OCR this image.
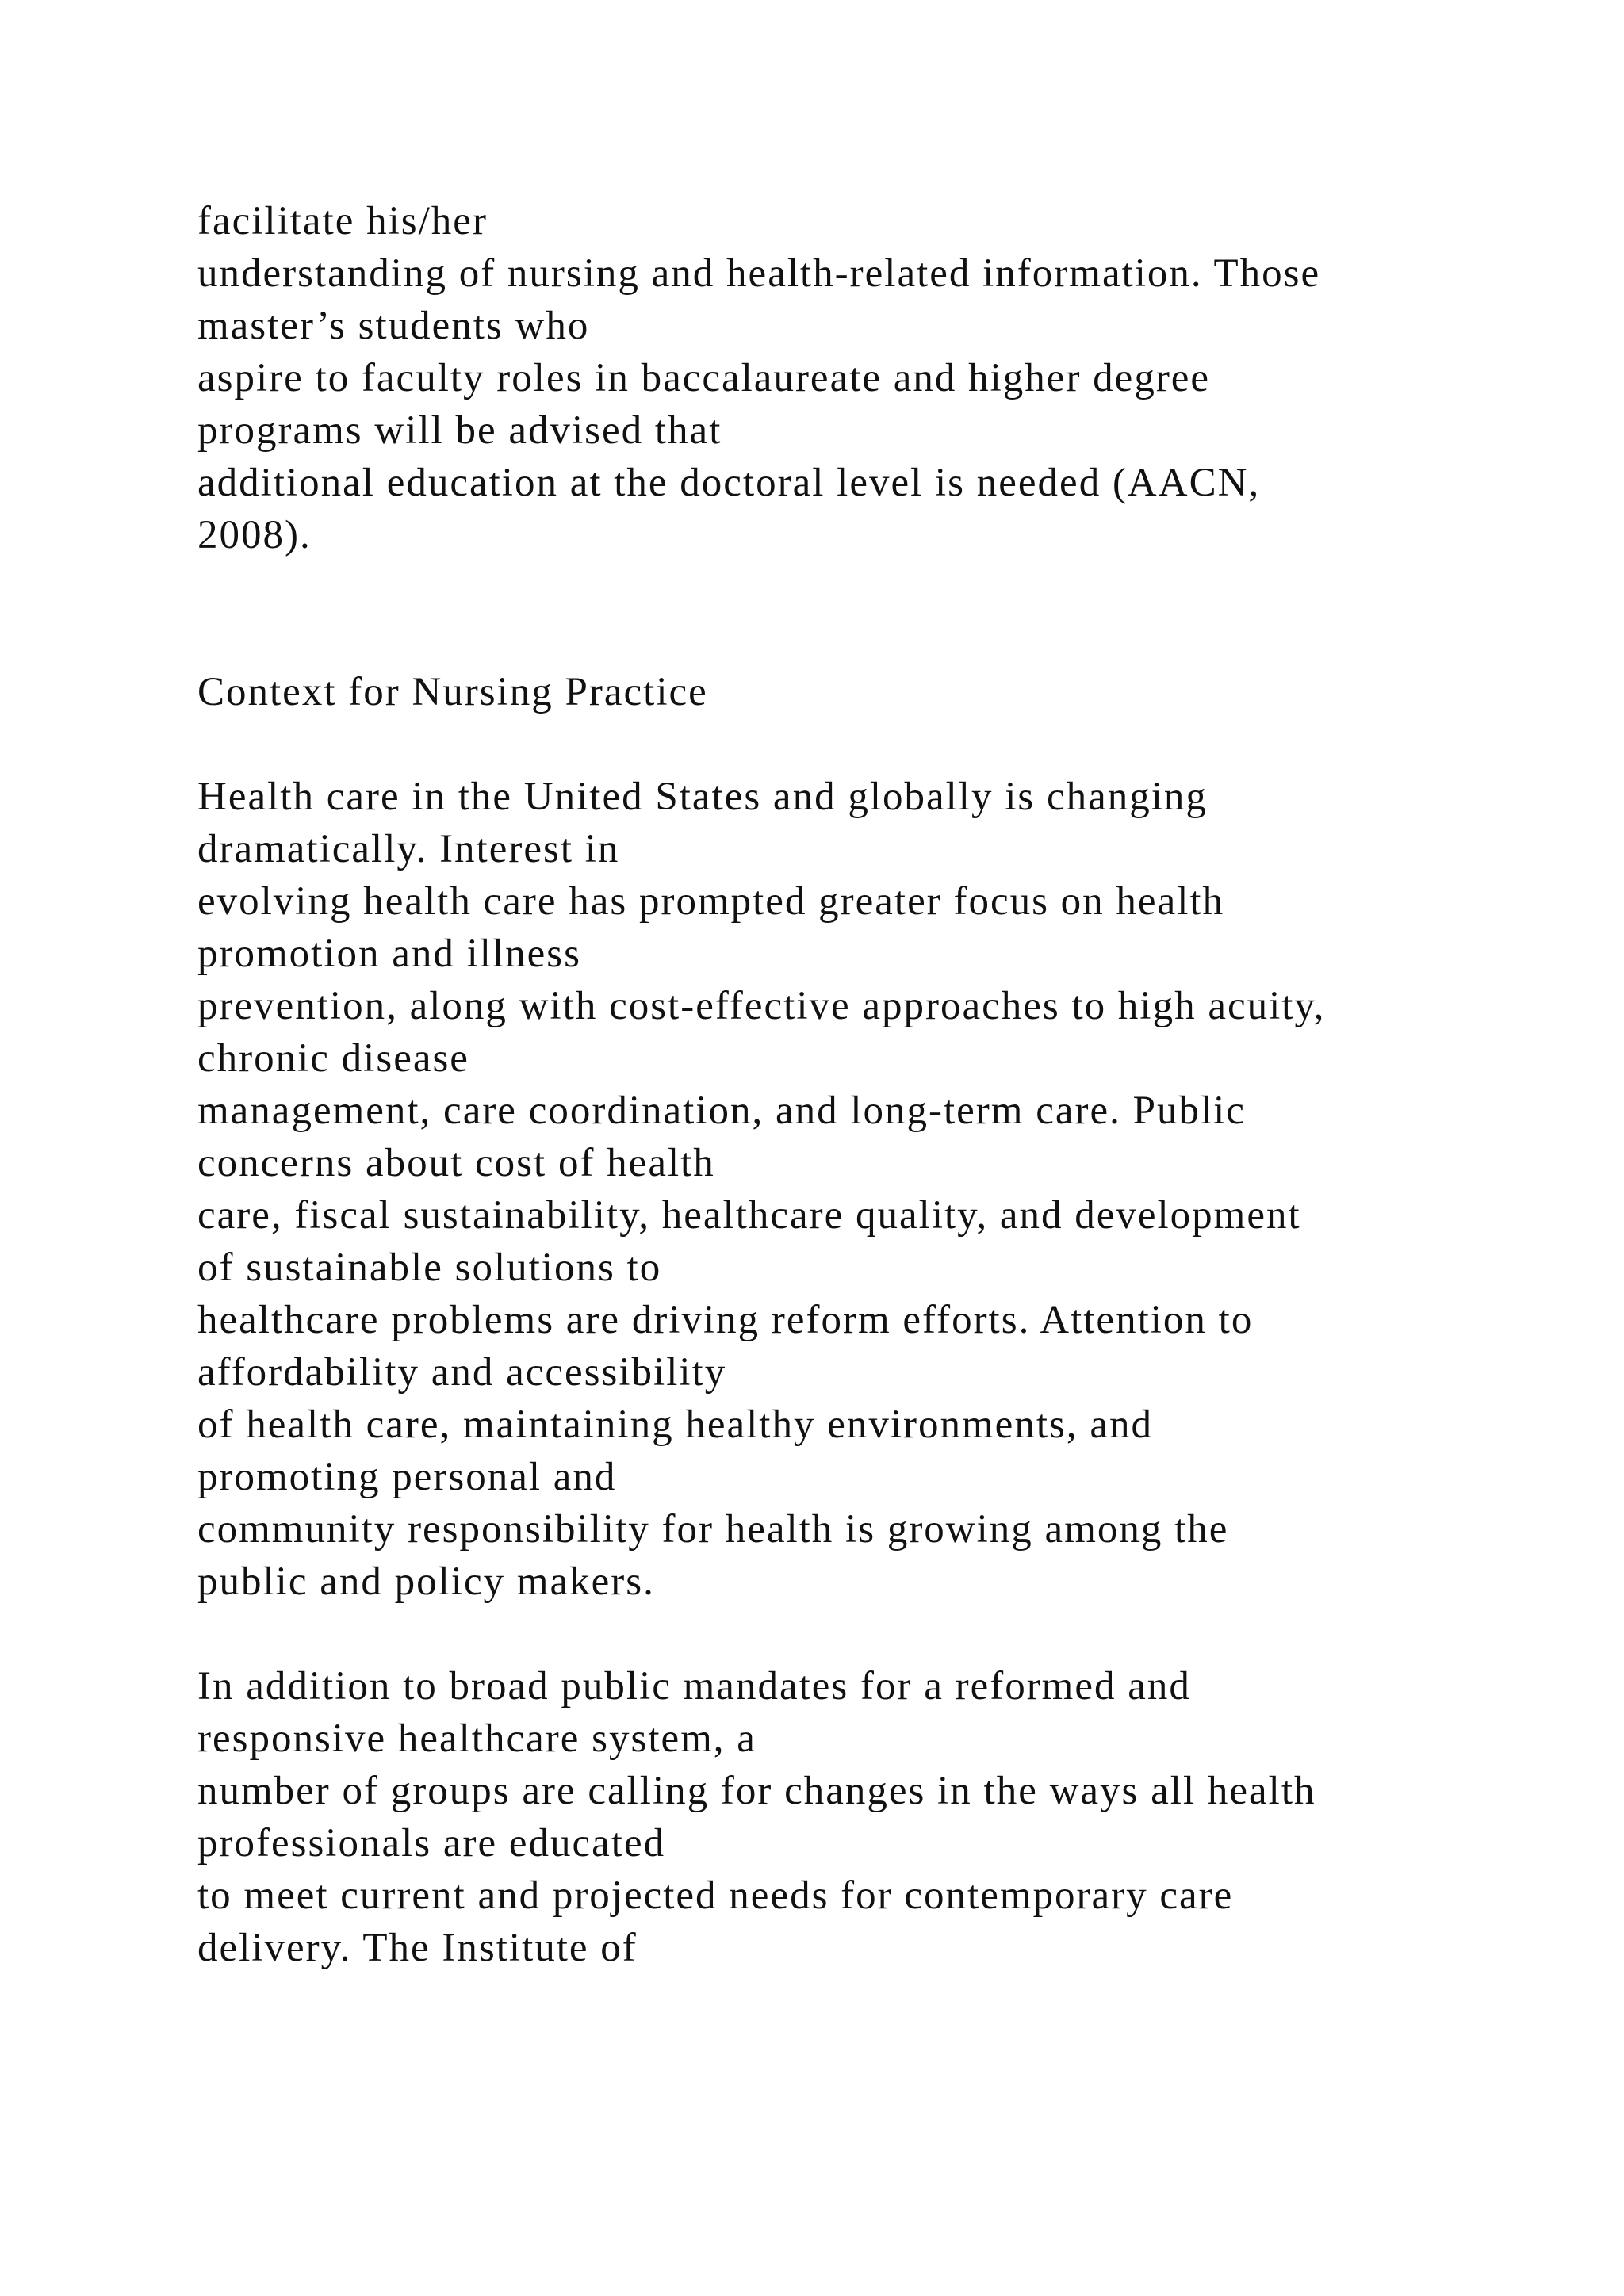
facilitate his/her
understanding of nursing and health-related information. Those
master’s students who
aspire to faculty roles in baccalaureate and higher degree
programs will be advised that
additional education at the doctoral level is needed (AACN,
2008).
Context for Nursing Practice
Health care in the United States and globally is changing
dramatically. Interest in
evolving health care has prompted greater focus on health
promotion and illness
prevention, along with cost-effective approaches to high acuity,
chronic disease
management, care coordination, and long-term care. Public
concerns about cost of health
care, fiscal sustainability, healthcare quality, and development
of sustainable solutions to
healthcare problems are driving reform efforts. Attention to
affordability and accessibility
of health care, maintaining healthy environments, and
promoting personal and
community responsibility for health is growing among the
public and policy makers.
In addition to broad public mandates for a reformed and
responsive healthcare system, a
number of groups are calling for changes in the ways all health
professionals are educated
to meet current and projected needs for contemporary care
delivery. The Institute of
